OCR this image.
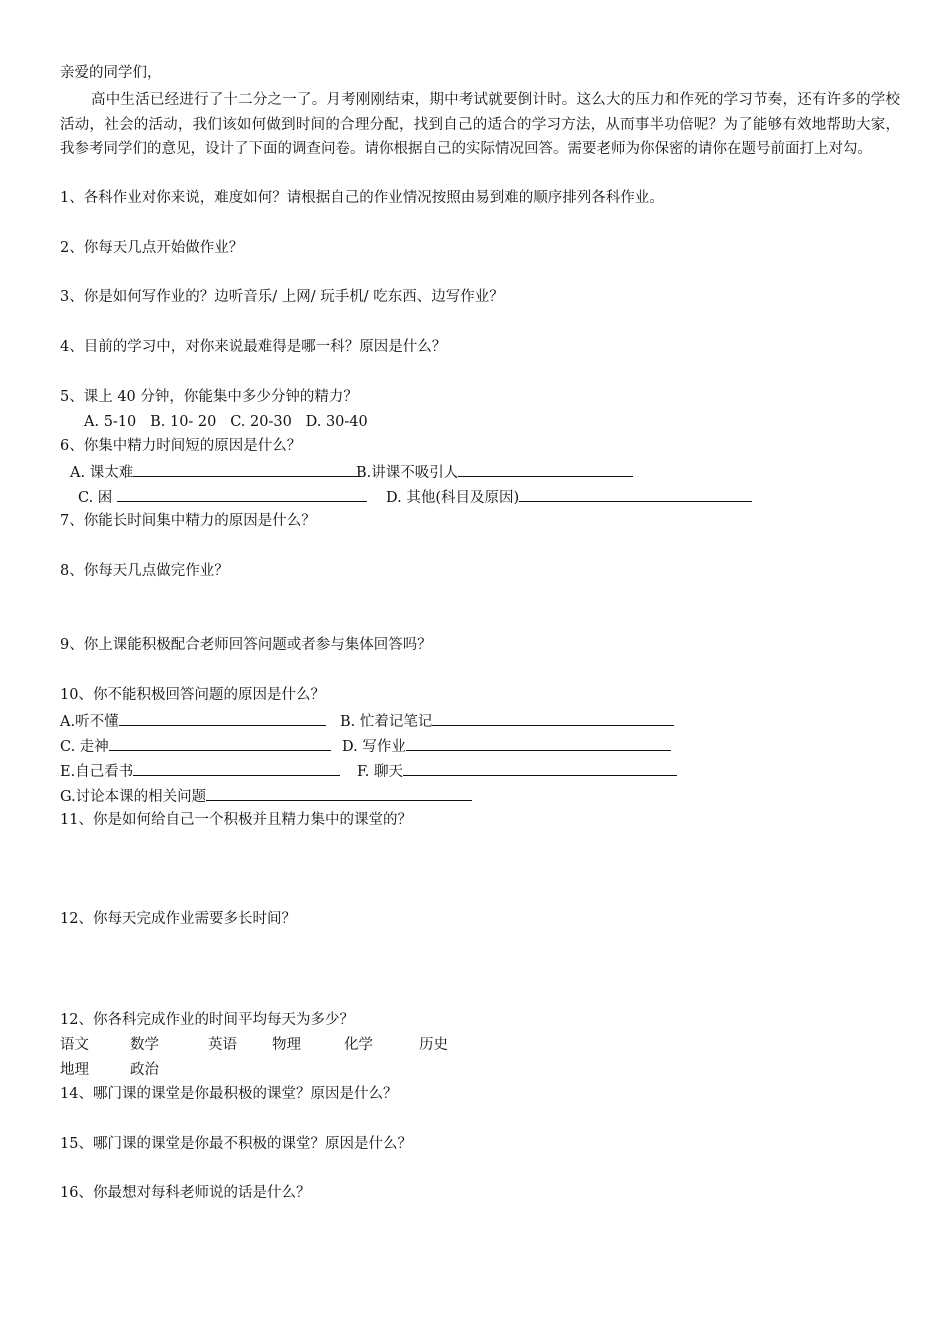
亲爱的同学们，
高中生活已经进行了十二分之一了。月考刚刚结束，期中考试就要倒计时。这么大的压力和作死的学习节奏，还有许多的学校活动，社会的活动，我们该如何做到时间的合理分配，找到自己的适合的学习方法，从而事半功倍呢？为了能够有效地帮助大家，我参考同学们的意见，设计了下面的调查问卷。请你根据自己的实际情况回答。需要老师为你保密的请你在题号前面打上对勾。
1、各科作业对你来说，难度如何？请根据自己的作业情况按照由易到难的顺序排列各科作业。
2、你每天几点开始做作业？
3、你是如何写作业的？边听音乐/ 上网/ 玩手机/ 吃东西、边写作业？
4、目前的学习中，对你来说最难得是哪一科？原因是什么？
5、课上 40 分钟，你能集中多少分钟的精力？
A. 5-10   B. 10- 20   C. 20-30   D. 30-40
6、你集中精力时间短的原因是什么？
A. 课太难	B.讲课不吸引人
C. 困	D. 其他(科目及原因)
7、你能长时间集中精力的原因是什么？
8、你每天几点做完作业？
9、你上课能积极配合老师回答问题或者参与集体回答吗？
10、你不能积极回答问题的原因是什么？
A.听不懂	B. 忙着记笔记
C. 走神	D. 写作业
E.自己看书	F. 聊天
G.讨论本课的相关问题
11、你是如何给自己一个积极并且精力集中的课堂的？
12、你每天完成作业需要多长时间？
12、你各科完成作业的时间平均每天为多少？
语文	数学	英语 物理	化学	历史
地理	政治
14、哪门课的课堂是你最积极的课堂？原因是什么？
15、哪门课的课堂是你最不积极的课堂？原因是什么？
16、你最想对每科老师说的话是什么？
